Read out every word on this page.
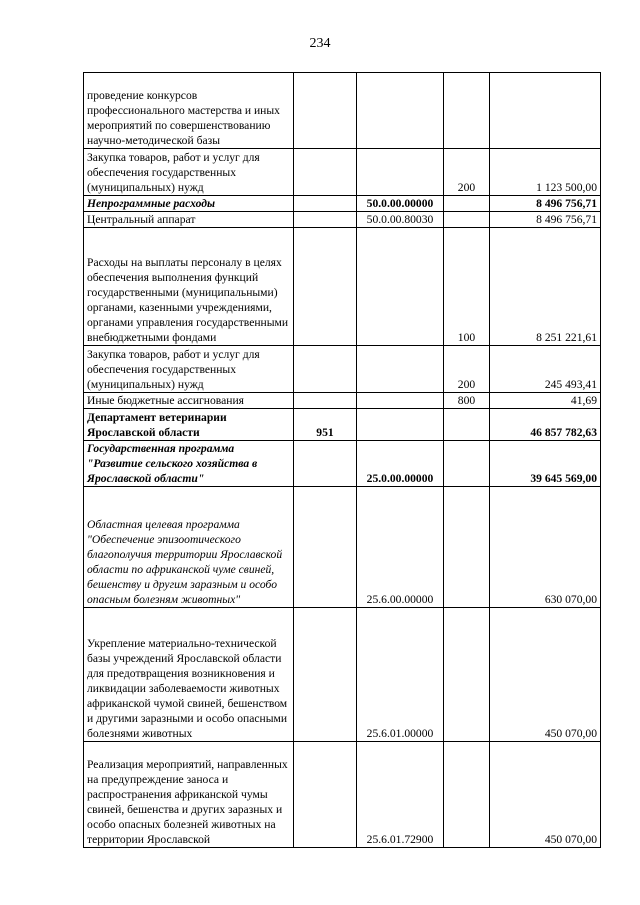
234
проведение конкурсов профессионального мастерства и иных мероприятий по совершенствованию научно-методической базы				

Закупка товаров, работ и услуг для обеспечения государственных (муниципальных) нужд			200	1 123 500,00

Непрограммные расходы		50.0.00.00000		8 496 756,71

Центральный аппарат		50.0.00.80030		8 496 756,71

Расходы на выплаты персоналу в целях обеспечения выполнения функций государственными (муниципальными) органами, казенными учреждениями, органами управления государственными внебюджетными фондами			100	8 251 221,61

Закупка товаров, работ и услуг для обеспечения государственных (муниципальных) нужд			200	245 493,41

Иные бюджетные ассигнования			800	41,69

Департамент ветеринарии Ярославской области	951			46 857 782,63

Государственная программа "Развитие сельского хозяйства в Ярославской области"		25.0.00.00000		39 645 569,00

Областная целевая программа "Обеспечение эпизоотического благополучия территории Ярославской области по африканской чуме свиней, бешенству и другим заразным и особо опасным болезням животных"		25.6.00.00000		630 070,00

Укрепление материально-технической базы учреждений Ярославской области для предотвращения возникновения и ликвидации заболеваемости животных африканской чумой свиней, бешенством и другими заразными и особо опасными болезнями животных		25.6.01.00000		450 070,00

Реализация мероприятий, направленных на предупреждение заноса и распространения африканской чумы свиней, бешенства и других заразных и особо опасных болезней животных на территории Ярославской		25.6.01.72900		450 070,00
